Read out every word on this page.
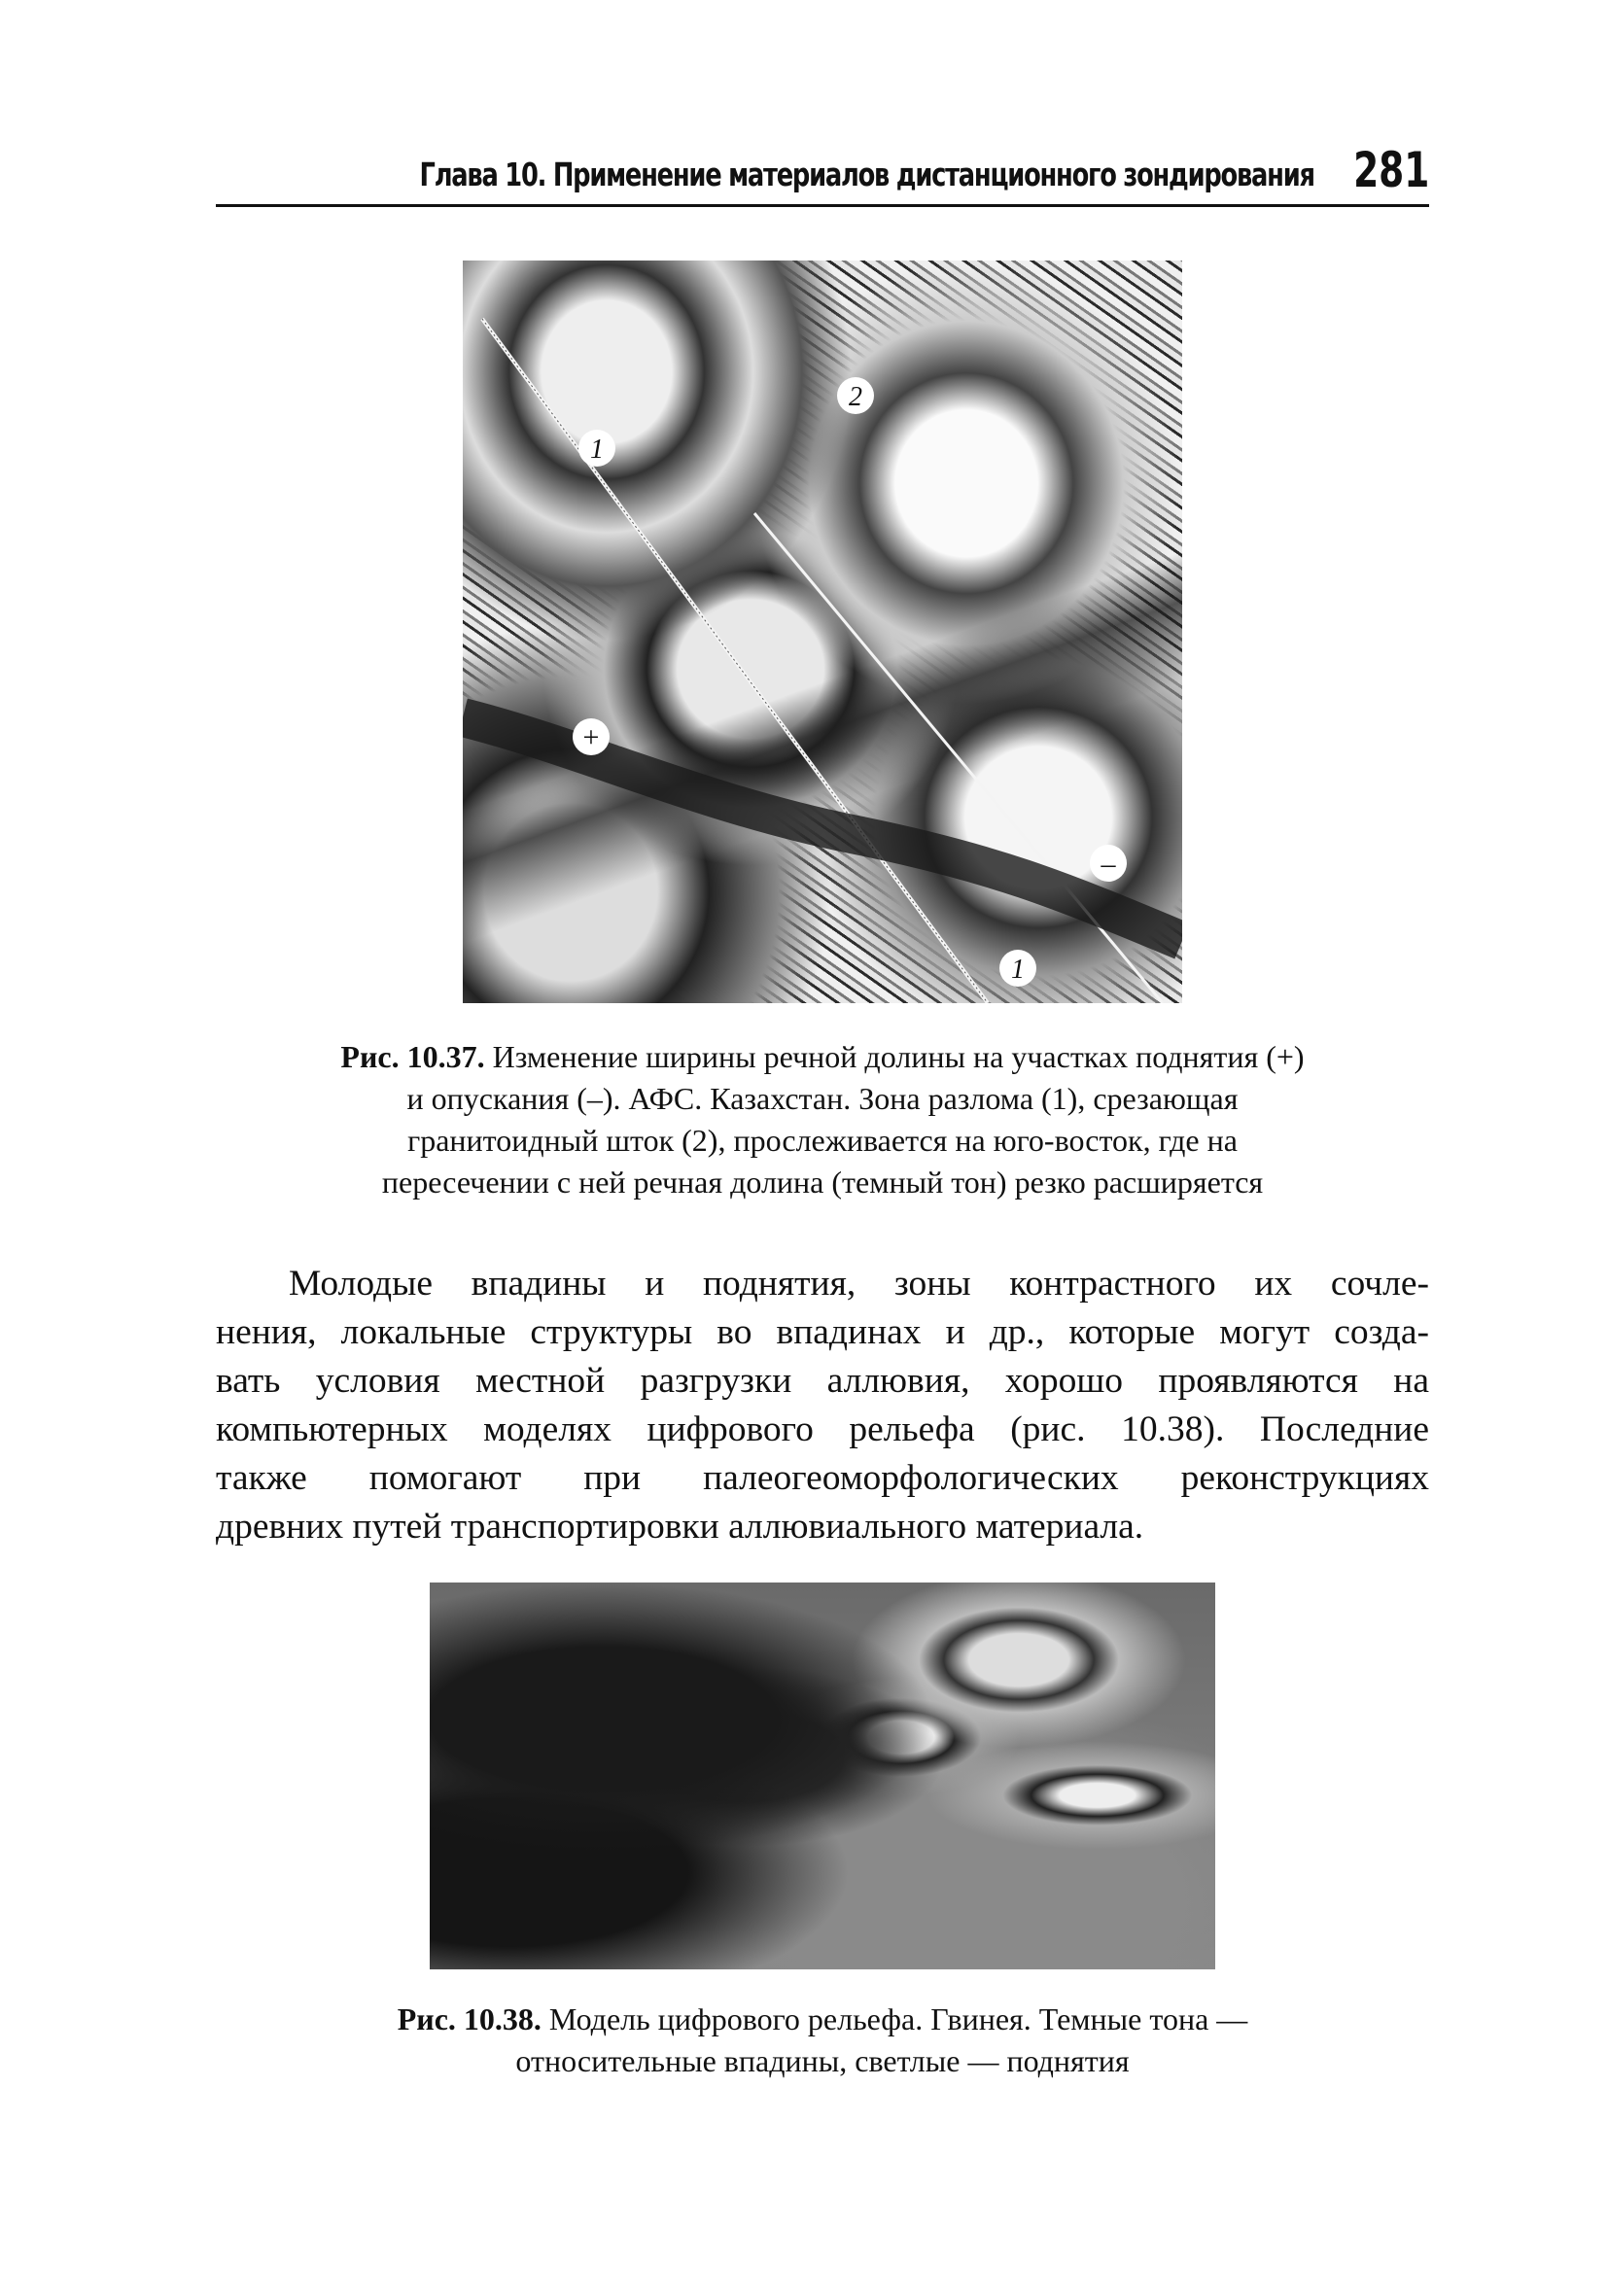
Глава 10. Применение материалов дистанционного зондирования 281
1
2
+
–
1
Рис. 10.37. Изменение ширины речной долины на участках поднятия (+)
и опускания (–). АФС. Казахстан. Зона разлома (1), срезающая
гранитоидный шток (2), прослеживается на юго-восток, где на
пересечении с ней речная долина (темный тон) резко расширяется
Молодые впадины и поднятия, зоны контрастного их сочле-
нения, локальные структуры во впадинах и др., которые могут созда-
вать условия местной разгрузки аллювия, хорошо проявляются на
компьютерных моделях цифрового рельефа (рис. 10.38). Последние
также помогают при палеогеоморфологических реконструкциях
древних путей транспортировки аллювиального материала.
Рис. 10.38. Модель цифрового рельефа. Гвинея. Темные тона —
относительные впадины, светлые — поднятия
